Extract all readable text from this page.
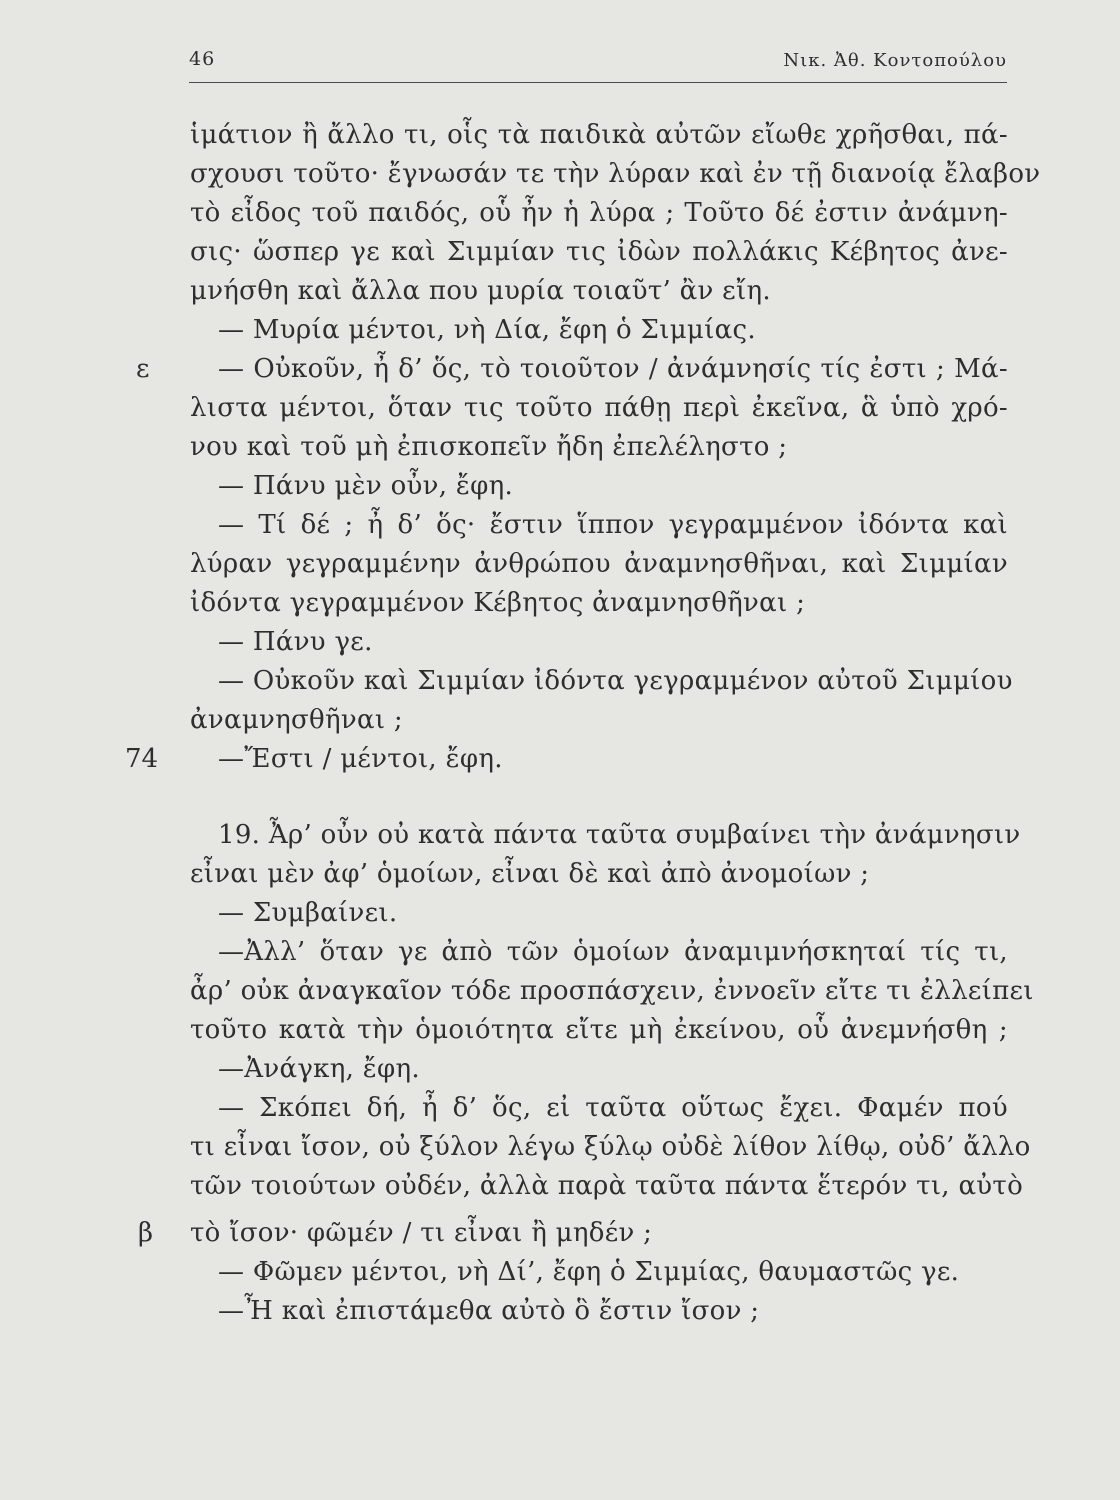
46	Νικ. Ἀθ. Κοντοπούλου
ε
74
β
ἱμάτιον ἢ ἄλλο τι, οἷς τὰ παιδικὰ αὐτῶν εἴωθε χρῆσθαι, πά-
σχουσι τοῦτο· ἔγνωσάν τε τὴν λύραν καὶ ἐν τῇ διανοίᾳ ἔλαβον
τὸ εἶδος τοῦ παιδός, οὗ ἦν ἡ λύρα ; Τοῦτο δέ ἐστιν ἀνάμνη-
σις· ὥσπερ γε καὶ Σιμμίαν τις ἰδὼν πολλάκις Κέβητος ἀνε-
μνήσθη καὶ ἄλλα που μυρία τοιαῦτ’ ἂν εἴη.
— Μυρία μέντοι, νὴ Δία, ἔφη ὁ Σιμμίας.
— Οὐκοῦν, ἦ δ’ ὅς, τὸ τοιοῦτον / ἀνάμνησίς τίς ἐστι ; Μά-
λιστα μέντοι, ὅταν τις τοῦτο πάθῃ περὶ ἐκεῖνα, ἃ ὑπὸ χρό-
νου καὶ τοῦ μὴ ἐπισκοπεῖν ἤδη ἐπελέληστο ;
— Πάνυ μὲν οὖν, ἔφη.
— Τί δέ ; ἦ δ’ ὅς· ἔστιν ἵππον γεγραμμένον ἰδόντα καὶ
λύραν γεγραμμένην ἀνθρώπου ἀναμνησθῆναι, καὶ Σιμμίαν
ἰδόντα γεγραμμένον Κέβητος ἀναμνησθῆναι ;
— Πάνυ γε.
— Οὐκοῦν καὶ Σιμμίαν ἰδόντα γεγραμμένον αὐτοῦ Σιμμίου
ἀναμνησθῆναι ;
—Ἔστι / μέντοι, ἔφη.
19. Ἆρ’ οὖν οὐ κατὰ πάντα ταῦτα συμβαίνει τὴν ἀνάμνησιν
εἶναι μὲν ἀφ’ ὁμοίων, εἶναι δὲ καὶ ἀπὸ ἀνομοίων ;
— Συμβαίνει.
—Ἀλλ’ ὅταν γε ἀπὸ τῶν ὁμοίων ἀναμιμνήσκηταί τίς τι,
ἆρ’ οὐκ ἀναγκαῖον τόδε προσπάσχειν, ἐννοεῖν εἴτε τι ἐλλείπει
τοῦτο κατὰ τὴν ὁμοιότητα εἴτε μὴ ἐκείνου, οὗ ἀνεμνήσθη ;
—Ἀνάγκη, ἔφη.
— Σκόπει δή, ἦ δ’ ὅς, εἰ ταῦτα οὕτως ἔχει. Φαμέν πού
τι εἶναι ἴσον, οὐ ξύλον λέγω ξύλῳ οὐδὲ λίθον λίθῳ, οὐδ’ ἄλλο
τῶν τοιούτων οὐδέν, ἀλλὰ παρὰ ταῦτα πάντα ἕτερόν τι, αὐτὸ
τὸ ἴσον· φῶμέν / τι εἶναι ἢ μηδέν ;
— Φῶμεν μέντοι, νὴ Δί’, ἔφη ὁ Σιμμίας, θαυμαστῶς γε.
—Ἦ καὶ ἐπιστάμεθα αὐτὸ ὃ ἔστιν ἴσον ;
